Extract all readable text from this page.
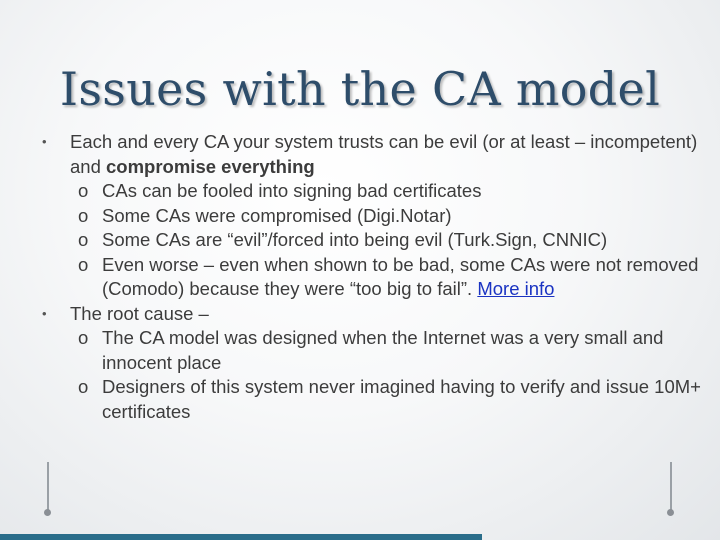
Issues with the CA model
• Each and every CA your system trusts can be evil (or at least – incompetent) and compromise everything
o CAs can be fooled into signing bad certificates
o Some CAs were compromised (Digi.Notar)
o Some CAs are “evil”/forced into being evil (Turk.Sign, CNNIC)
o Even worse – even when shown to be bad, some CAs were not removed (Comodo) because they were “too big to fail”. More info
• The root cause –
o The CA model was designed when the Internet was a very small and innocent place
o Designers of this system never imagined having to verify and issue 10M+ certificates
